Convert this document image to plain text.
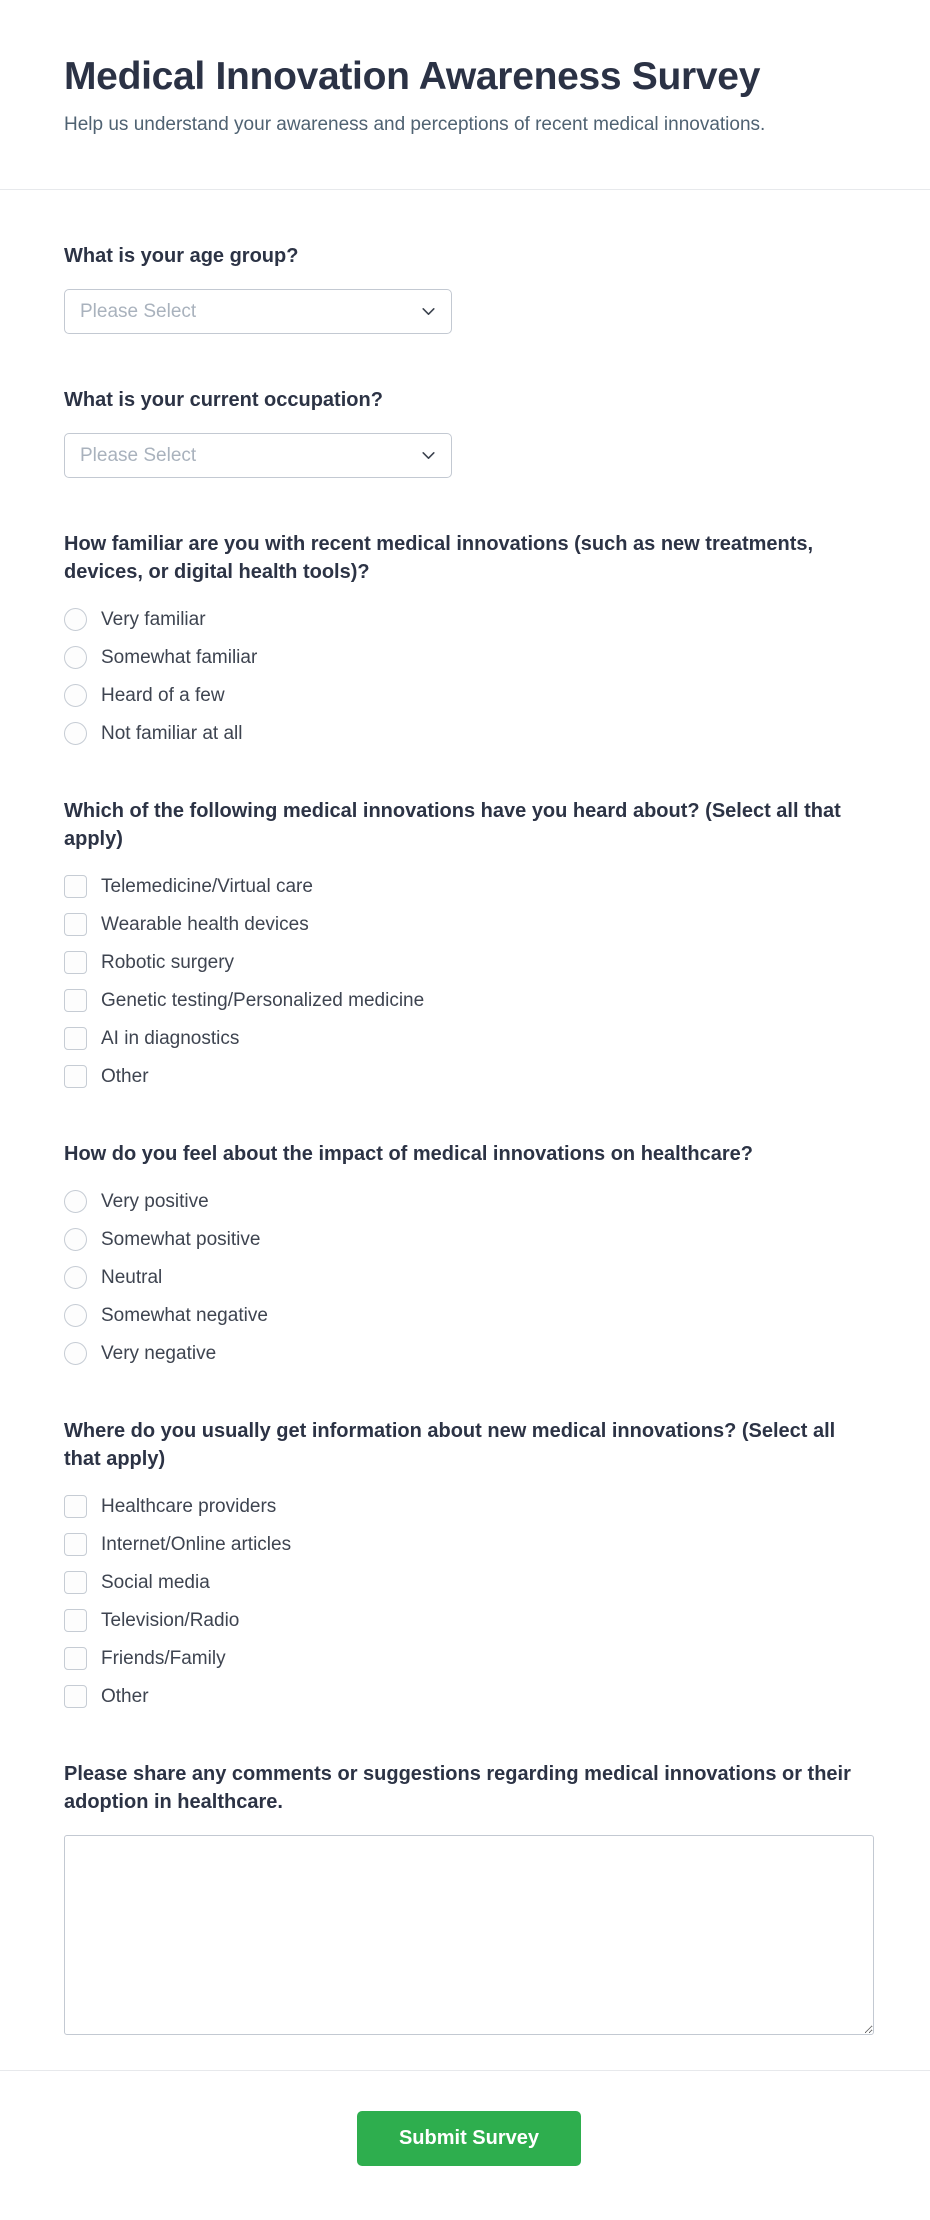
Medical Innovation Awareness Survey

Help us understand your awareness and perceptions of recent medical innovations.

What is your age group?
Please Select
What is your current occupation?
Please Select
How familiar are you with recent medical innovations (such as new treatments, devices, or digital health tools)?
Very familiar
Somewhat familiar
Heard of a few
Not familiar at all
Which of the following medical innovations have you heard about? (Select all that apply)
Telemedicine/Virtual care
Wearable health devices
Robotic surgery
Genetic testing/Personalized medicine
AI in diagnostics
Other
How do you feel about the impact of medical innovations on healthcare?
Very positive
Somewhat positive
Neutral
Somewhat negative
Very negative
Where do you usually get information about new medical innovations? (Select all that apply)
Healthcare providers
Internet/Online articles
Social media
Television/Radio
Friends/Family
Other
Please share any comments or suggestions regarding medical innovations or their adoption in healthcare.
Submit Survey
